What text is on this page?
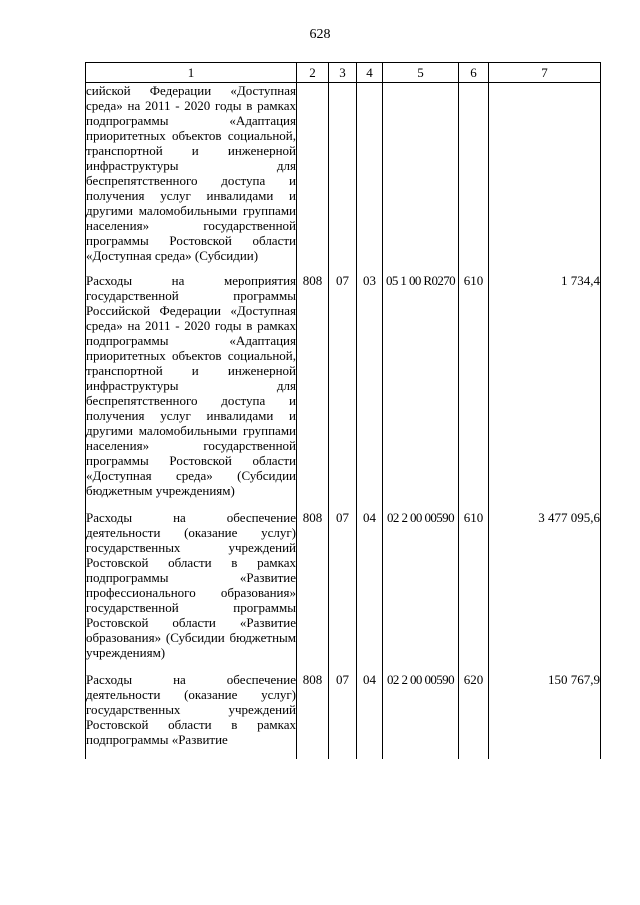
628
1	2	3	4	5	6	7
сийской Федерации «Доступная среда» на 2011 - 2020 годы в рамках подпрограммы «Адаптация приоритетных объектов социальной, транспортной и инженерной инфраструктуры для беспрепятственного доступа и получения услуг инвалидами и другими маломобильными группами населения» государственной программы Ростовской области «Доступная среда» (Субсидии)						
Расходы на мероприятия государственной программы Российской Федерации «Доступная среда» на 2011 - 2020 годы в рамках подпрограммы «Адаптация приоритетных объектов социальной, транспортной и инженерной инфраструктуры для беспрепятственного доступа и получения услуг инвалидами и другими маломобильными группами населения» государственной программы Ростовской области «Доступная среда» (Субсидии бюджетным учреждениям)	808	07	03	05 1 00 R0270	610	1 734,4
Расходы на обеспечение деятельности (оказание услуг) государственных учреждений Ростовской области в рамках подпрограммы «Развитие профессионального образования» государственной программы Ростовской области «Развитие образования» (Субсидии бюджетным учреждениям)	808	07	04	02 2 00 00590	610	3 477 095,6
Расходы на обеспечение деятельности (оказание услуг) государственных учреждений Ростовской области в рамках подпрограммы «Развитие	808	07	04	02 2 00 00590	620	150 767,9
